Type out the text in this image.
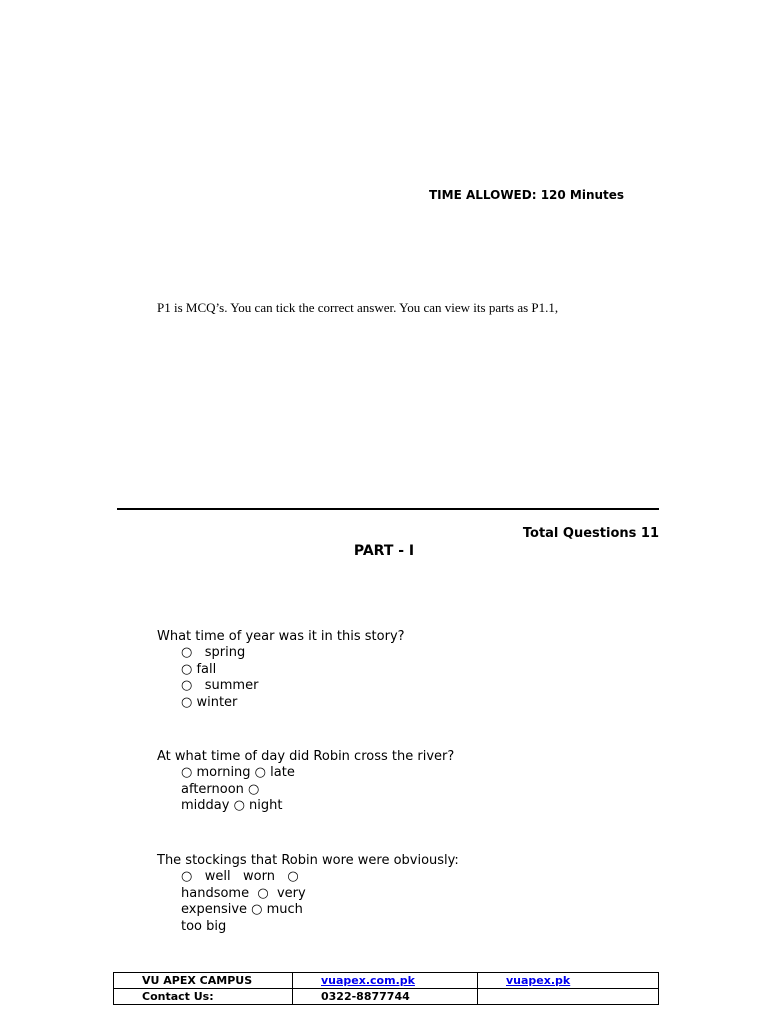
TIME ALLOWED: 120 Minutes
P1 is MCQ’s. You can tick the correct answer. You can view its parts as P1.1,
Total Questions 11
PART - I
What time of year was it in this story?
○   spring
○ fall
○   summer
○ winter
At what time of day did Robin cross the river?
○ morning ○ late
afternoon ○
midday ○ night
The stockings that Robin wore were obviously:
○   well   worn   ○
handsome  ○  very
expensive ○ much
too big
VU APEX CAMPUS	vuapex.com.pk	vuapex.pk
Contact Us:	0322-8877744	
